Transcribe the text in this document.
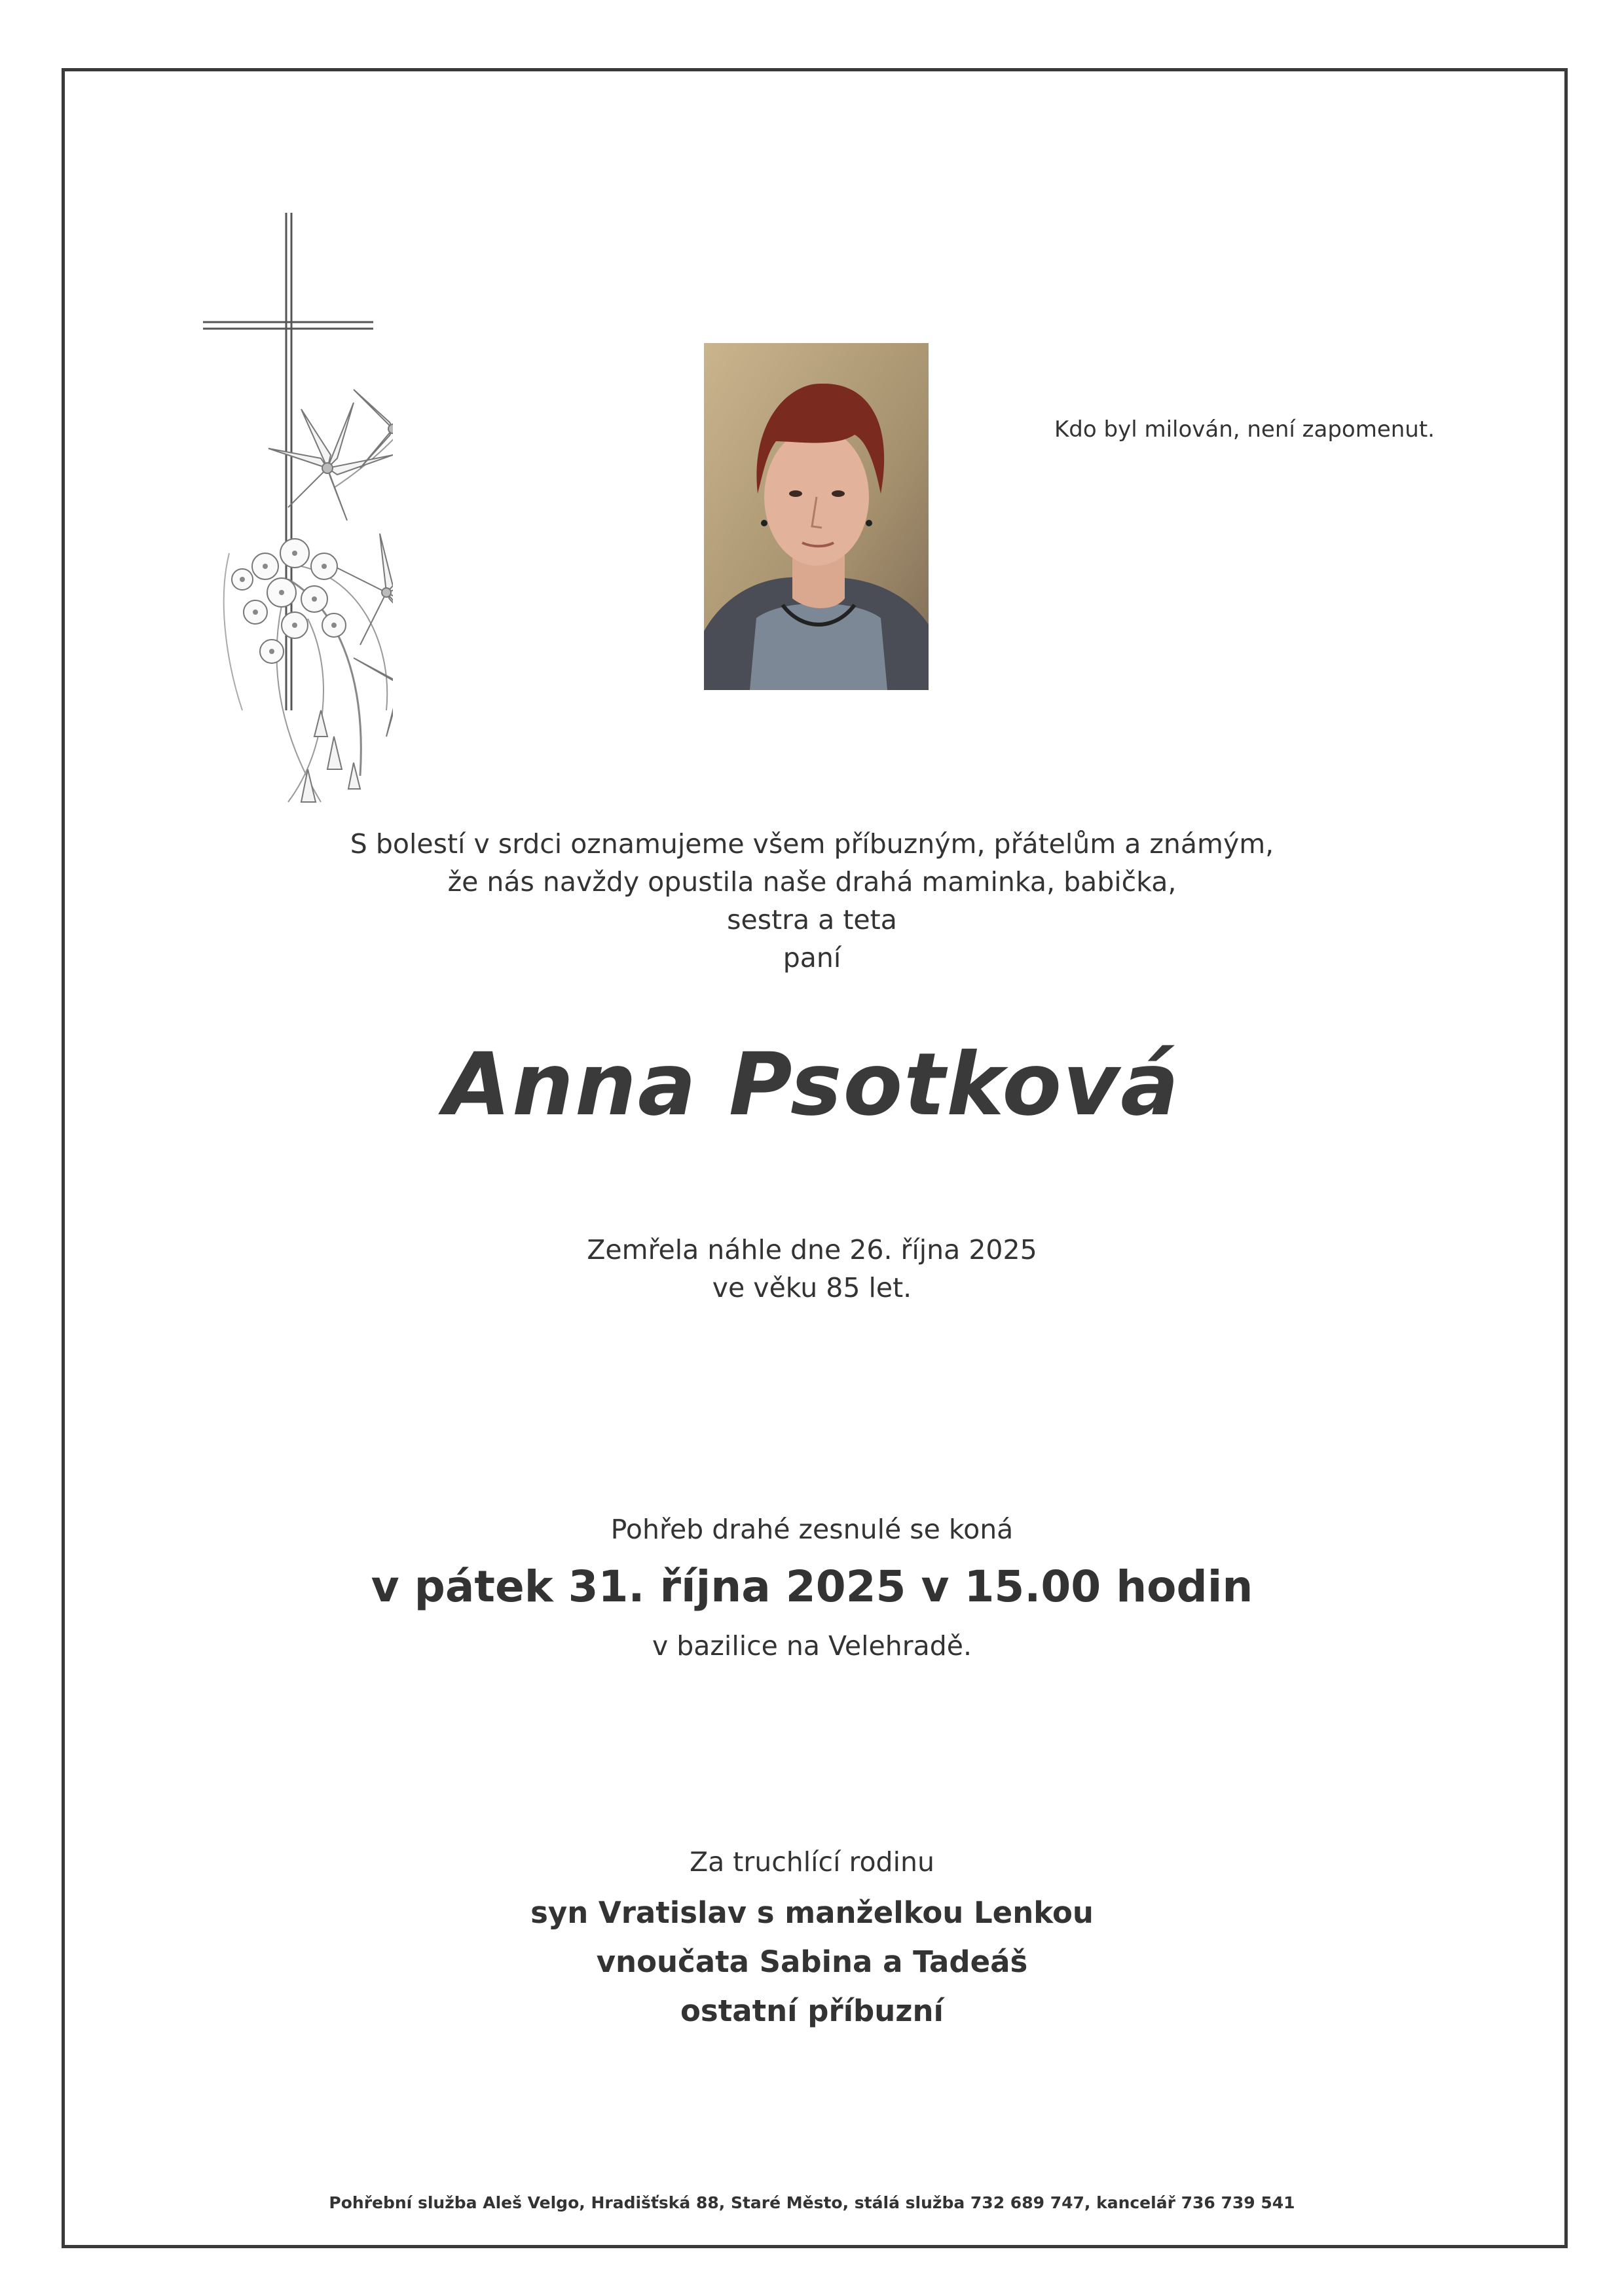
Kdo byl milován, není zapomenut.
S bolestí v srdci oznamujeme všem příbuzným, přátelům a známým,
že nás navždy opustila naše drahá maminka, babička,
sestra a teta
paní
Anna Psotková
Zemřela náhle dne 26. října 2025
ve věku 85 let.
Pohřeb drahé zesnulé se koná
v pátek 31. října 2025 v 15.00 hodin
v bazilice na Velehradě.
Za truchlící rodinu
syn Vratislav s manželkou Lenkou
vnoučata Sabina a Tadeáš
ostatní příbuzní
Pohřební služba Aleš Velgo, Hradišťská 88, Staré Město, stálá služba 732 689 747, kancelář 736 739 541
